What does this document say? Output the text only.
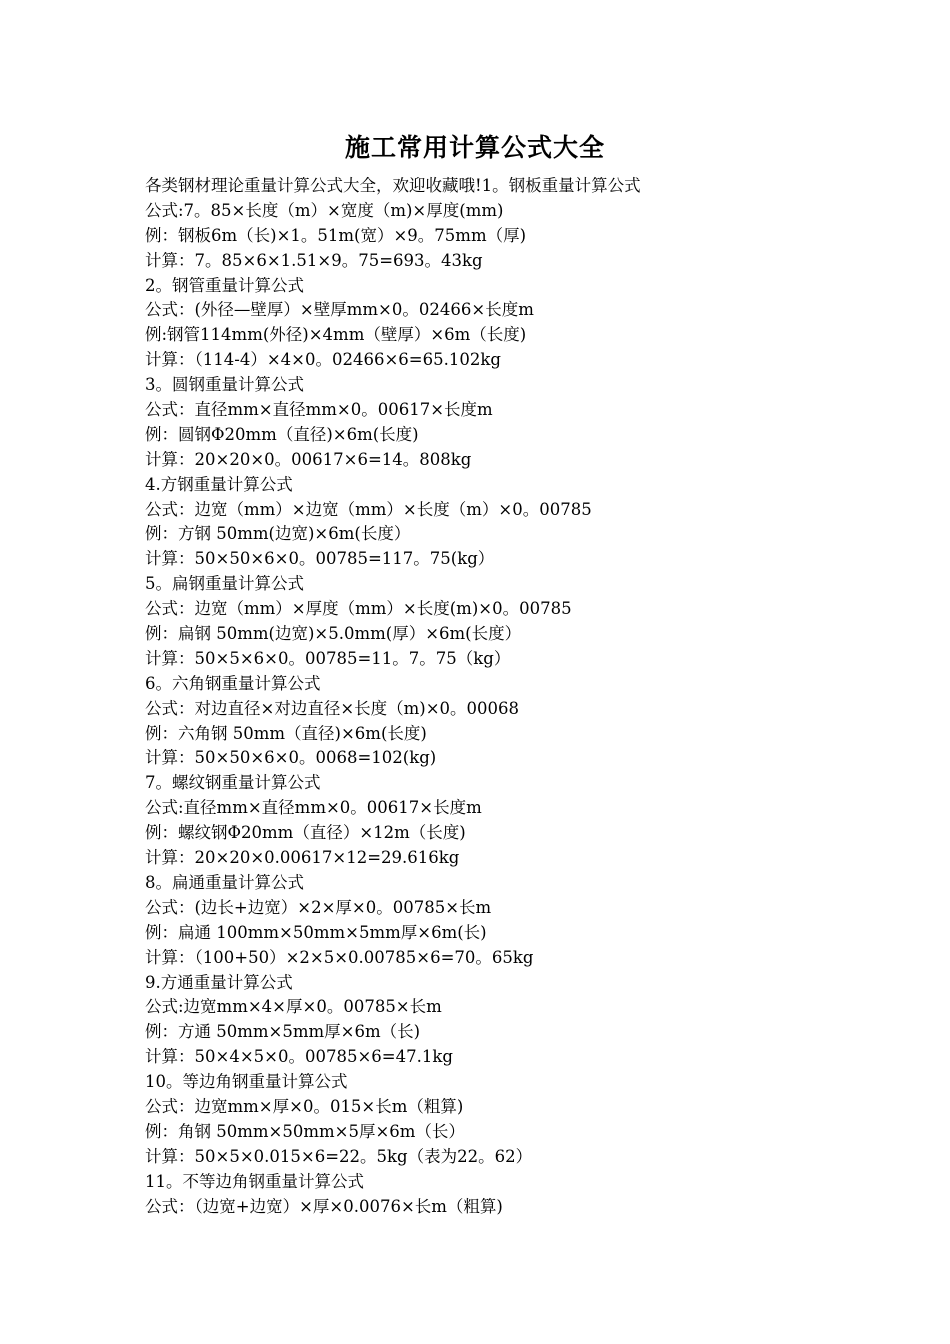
施工常用计算公式大全
各类钢材理论重量计算公式大全，欢迎收藏哦!1。钢板重量计算公式
公式:7。85×长度（m）×宽度（m)×厚度(mm)
例：钢板6m（长)×1。51m(宽）×9。75mm（厚)
计算：7。85×6×1.51×9。75=693。43kg
2。钢管重量计算公式
公式：(外径—壁厚）×壁厚mm×0。02466×长度m
例:钢管114mm(外径)×4mm（壁厚）×6m（长度)
计算：（114-4）×4×0。02466×6=65.102kg
3。圆钢重量计算公式
公式：直径mm×直径mm×0。00617×长度m
例：圆钢Φ20mm（直径)×6m(长度)
计算：20×20×0。00617×6=14。808kg
4.方钢重量计算公式
公式：边宽（mm）×边宽（mm）×长度（m）×0。00785
例：方钢 50mm(边宽)×6m(长度）
计算：50×50×6×0。00785=117。75(kg）
5。扁钢重量计算公式
公式：边宽（mm）×厚度（mm）×长度(m)×0。00785
例：扁钢 50mm(边宽)×5.0mm(厚）×6m(长度）
计算：50×5×6×0。00785=11。7。75（kg）
6。六角钢重量计算公式
公式：对边直径×对边直径×长度（m)×0。00068
例：六角钢 50mm（直径)×6m(长度)
计算：50×50×6×0。0068=102(kg)
7。螺纹钢重量计算公式
公式:直径mm×直径mm×0。00617×长度m
例：螺纹钢Φ20mm（直径）×12m（长度)
计算：20×20×0.00617×12=29.616kg
8。扁通重量计算公式
公式：(边长+边宽）×2×厚×0。00785×长m
例：扁通 100mm×50mm×5mm厚×6m(长)
计算：（100+50）×2×5×0.00785×6=70。65kg
9.方通重量计算公式
公式:边宽mm×4×厚×0。00785×长m
例：方通 50mm×5mm厚×6m（长)
计算：50×4×5×0。00785×6=47.1kg
10。等边角钢重量计算公式
公式：边宽mm×厚×0。015×长m（粗算)
例：角钢 50mm×50mm×5厚×6m（长）
计算：50×5×0.015×6=22。5kg（表为22。62）
11。不等边角钢重量计算公式
公式：（边宽+边宽）×厚×0.0076×长m（粗算)
